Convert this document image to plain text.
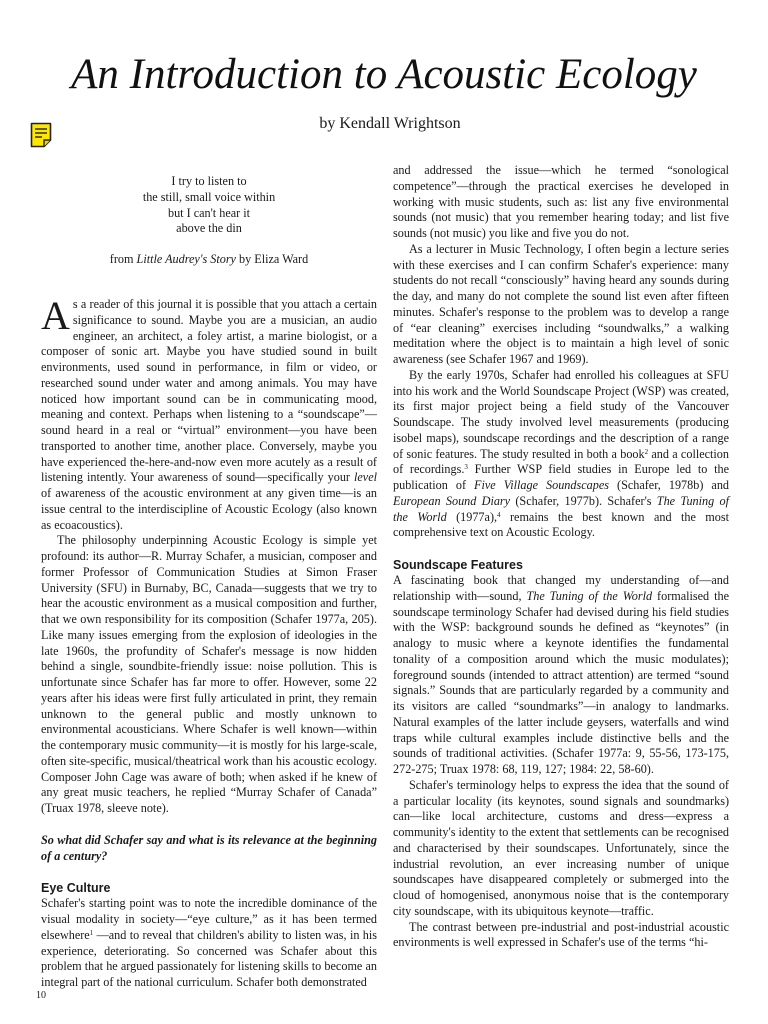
An Introduction to Acoustic Ecology
by Kendall Wrightson
I try to listen to
the still, small voice within
but I can't hear it
above the din
from Little Audrey's Story by Eliza Ward

As a reader of this journal it is possible that you attach a certain significance to sound. Maybe you are a musician, an audio engineer, an architect, a foley artist, a marine biologist, or a composer of sonic art. Maybe you have studied sound in built environments, used sound in performance, in film or video, or researched sound under water and among animals. You may have noticed how important sound can be in communicating mood, meaning and context. Perhaps when listening to a “soundscape”—sound heard in a real or “virtual” environment—you have been transported to another time, another place. Conversely, maybe you have experienced the-here-and-now even more acutely as a result of listening intently. Your awareness of sound—specifically your level of awareness of the acoustic environment at any given time—is an issue central to the interdiscipline of Acoustic Ecology (also known as ecoacoustics).

The philosophy underpinning Acoustic Ecology is simple yet profound: its author—R. Murray Schafer, a musician, composer and former Professor of Communication Studies at Simon Fraser University (SFU) in Burnaby, BC, Canada—suggests that we try to hear the acoustic environment as a musical composition and further, that we own responsibility for its composition (Schafer 1977a, 205). Like many issues emerging from the explosion of ideologies in the late 1960s, the profundity of Schafer's message is now hidden behind a single, soundbite-friendly issue: noise pollution. This is unfortunate since Schafer has far more to offer. However, some 22 years after his ideas were first fully articulated in print, they remain unknown to the general public and mostly unknown to environmental acousticians. Where Schafer is well known—within the contemporary music community—it is mostly for his large-scale, often site-specific, musical/theatrical work than his acoustic ecology. Composer John Cage was aware of both; when asked if he knew of any great music teachers, he replied “Murray Schafer of Canada” (Truax 1978, sleeve note).

So what did Schafer say and what is its relevance at the beginning of a century?

Eye Culture

Schafer's starting point was to note the incredible dominance of the visual modality in society—“eye culture,” as it has been termed elsewhere$^1$ —and to reveal that children's ability to listen was, in his experience, deteriorating. So concerned was Schafer about this problem that he argued passionately for listening skills to become an integral part of the national curriculum. Schafer both demonstrated

and addressed the issue—which he termed “sonological competence”—through the practical exercises he developed in working with music students, such as: list any five environmental sounds (not music) that you remember hearing today; and list five sounds (not music) you like and five you do not.

As a lecturer in Music Technology, I often begin a lecture series with these exercises and I can confirm Schafer's experience: many students do not recall “consciously” having heard any sounds during the day, and many do not complete the sound list even after fifteen minutes. Schafer's response to the problem was to develop a range of “ear cleaning” exercises including “soundwalks,” a walking meditation where the object is to maintain a high level of sonic awareness (see Schafer 1967 and 1969).

By the early 1970s, Schafer had enrolled his colleagues at SFU into his work and the World Soundscape Project (WSP) was created, its first major project being a field study of the Vancouver Soundscape. The study involved level measurements (producing isobel maps), soundscape recordings and the description of a range of sonic features. The study resulted in both a book$^2$ and a collection of recordings.$^3$ Further WSP field studies in Europe led to the publication of Five Village Soundscapes (Schafer, 1978b) and European Sound Diary (Schafer, 1977b). Schafer's The Tuning of the World (1977a),$^4$ remains the best known and the most comprehensive text on Acoustic Ecology.

Soundscape Features

A fascinating book that changed my understanding of—and relationship with—sound, The Tuning of the World formalised the soundscape terminology Schafer had devised during his field studies with the WSP: background sounds he defined as “keynotes” (in analogy to music where a keynote identifies the fundamental tonality of a composition around which the music modulates); foreground sounds (intended to attract attention) are termed “sound signals.” Sounds that are particularly regarded by a community and its visitors are called “soundmarks”—in analogy to landmarks. Natural examples of the latter include geysers, waterfalls and wind traps while cultural examples include distinctive bells and the sounds of traditional activities. (Schafer 1977a: 9, 55-56, 173-175, 272-275; Truax 1978: 68, 119, 127; 1984: 22, 58-60).

Schafer's terminology helps to express the idea that the sound of a particular locality (its keynotes, sound signals and soundmarks) can—like local architecture, customs and dress—express a community's identity to the extent that settlements can be recognised and characterised by their soundscapes. Unfortunately, since the industrial revolution, an ever increasing number of unique soundscapes have disappeared completely or submerged into the cloud of homogenised, anonymous noise that is the contemporary city soundscape, with its ubiquitous keynote—traffic.

The contrast between pre-industrial and post-industrial acoustic environments is well expressed in Schafer's use of the terms “hi-

10
